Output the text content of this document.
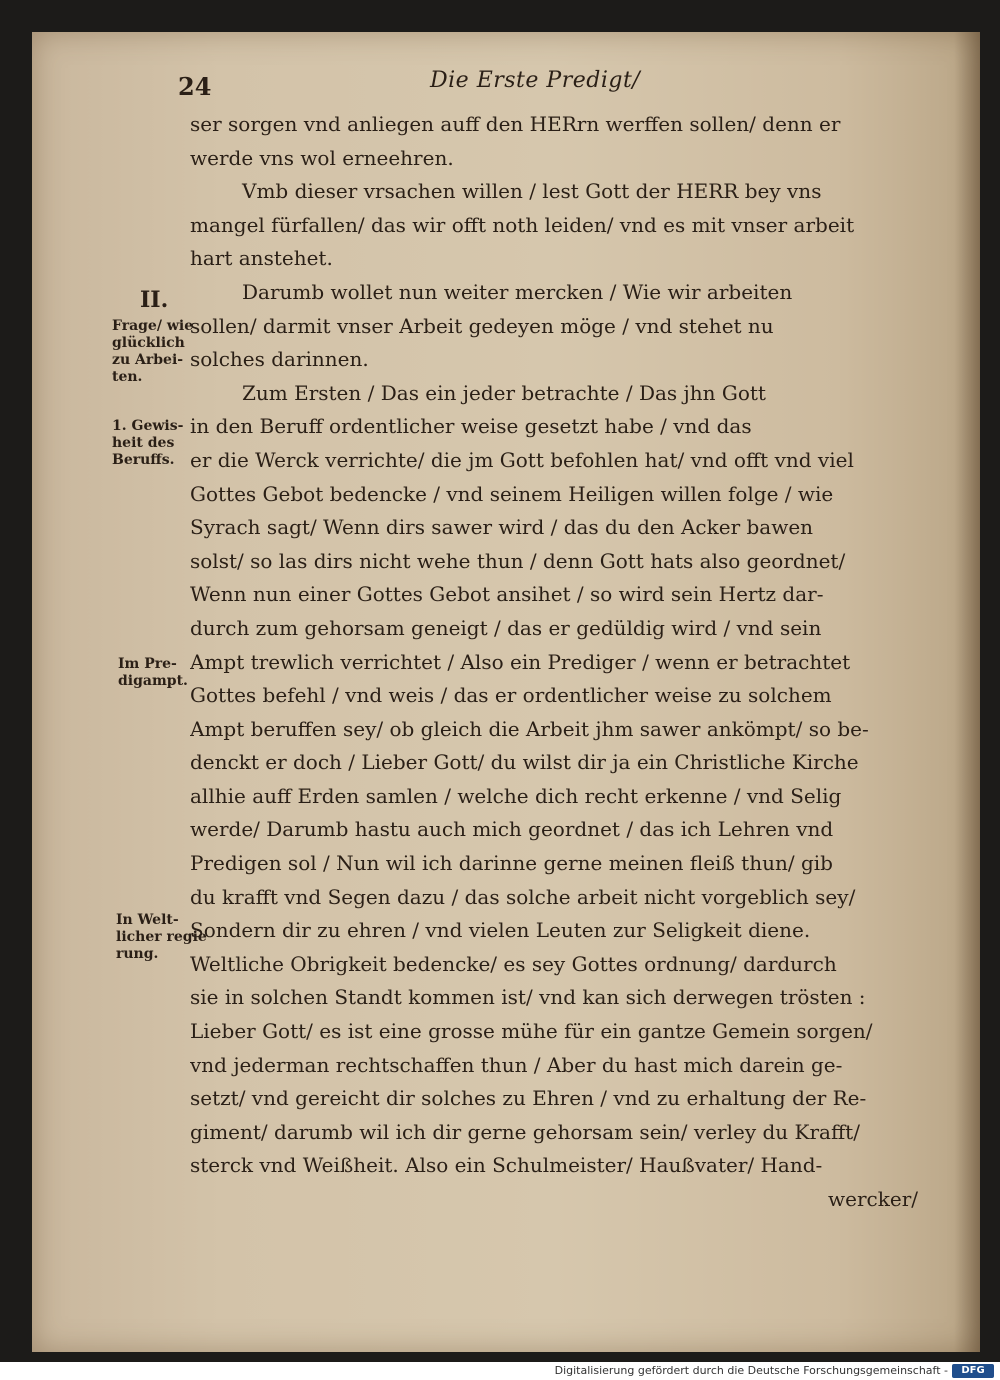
24	Die Erste Predigt/
ser sorgen vnd anliegen auff den HERrn werffen sollen/ denn er
werde vns wol erneehren.
Vmb dieser vrsachen willen / lest Gott der HERR bey vns
mangel fürfallen/ das wir offt noth leiden/ vnd es mit vnser arbeit
hart anstehet.
Darumb wollet nun weiter mercken / Wie wir arbeiten
sollen/ darmit vnser Arbeit gedeyen möge / vnd stehet nu
solches darinnen.
Zum Ersten / Das ein jeder betrachte / Das jhn Gott
in den Beruff ordentlicher weise gesetzt habe / vnd das
er die Werck verrichte/ die jm Gott befohlen hat/ vnd offt vnd viel
Gottes Gebot bedencke / vnd seinem Heiligen willen folge / wie
Syrach sagt/ Wenn dirs sawer wird / das du den Acker bawen
solst/ so las dirs nicht wehe thun / denn Gott hats also geordnet/
Wenn nun einer Gottes Gebot ansihet / so wird sein Hertz dar-
durch zum gehorsam geneigt / das er gedüldig wird / vnd sein
Ampt trewlich verrichtet / Also ein Prediger / wenn er betrachtet
Gottes befehl / vnd weis / das er ordentlicher weise zu solchem
Ampt beruffen sey/ ob gleich die Arbeit jhm sawer ankömpt/ so be-
denckt er doch / Lieber Gott/ du wilst dir ja ein Christliche Kirche
allhie auff Erden samlen / welche dich recht erkenne / vnd Selig
werde/ Darumb hastu auch mich geordnet / das ich Lehren vnd
Predigen sol / Nun wil ich darinne gerne meinen fleiß thun/ gib
du krafft vnd Segen dazu / das solche arbeit nicht vorgeblich sey/
Sondern dir zu ehren / vnd vielen Leuten zur Seligkeit diene.
Weltliche Obrigkeit bedencke/ es sey Gottes ordnung/ dardurch
sie in solchen Standt kommen ist/ vnd kan sich derwegen trösten :
Lieber Gott/ es ist eine grosse mühe für ein gantze Gemein sorgen/
vnd jederman rechtschaffen thun / Aber du hast mich darein ge-
setzt/ vnd gereicht dir solches zu Ehren / vnd zu erhaltung der Re-
giment/ darumb wil ich dir gerne gehorsam sein/ verley du Krafft/
sterck vnd Weißheit. Also ein Schulmeister/ Haußvater/ Hand-
wercker/
II.
Frage/ wie
glücklich
zu Arbei-
ten.
1. Gewis-
heit des
Beruffs.
Im Pre-
digampt.
In Welt-
licher regie
rung.
Digitalisierung gefördert durch die Deutsche Forschungsgemeinschaft -	DFG
